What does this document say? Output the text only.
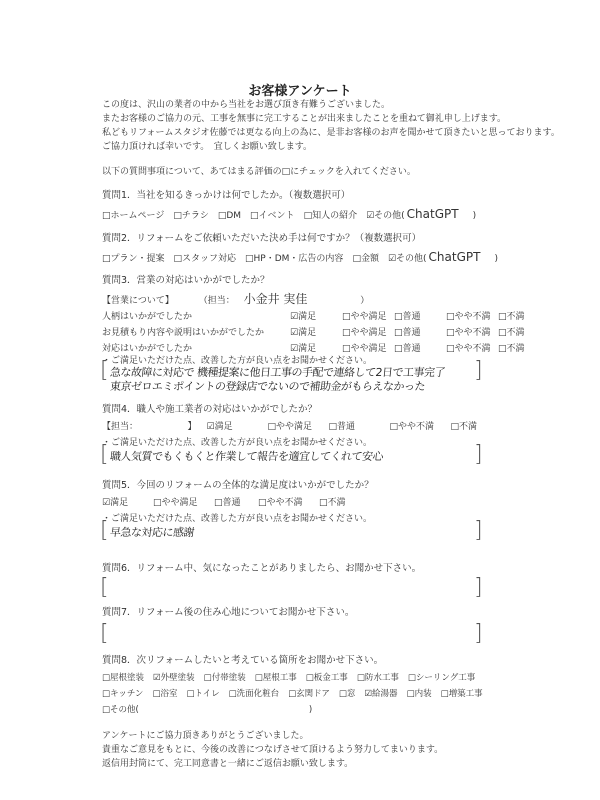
お客様アンケート
この度は、沢山の業者の中から当社をお選び頂き有難うございました。
またお客様のご協力の元、工事を無事に完工することが出来ましたことを重ねて御礼申し上げます。
私どもリフォームスタジオ佐藤では更なる向上の為に、是非お客様のお声を聞かせて頂きたいと思っております。
ご協力頂ければ幸いです。　宜しくお願い致します。
以下の質問事項について、あてはまる評価の□にチェックを入れてください。
質問1．当社を知るきっかけは何でしたか。（複数選択可）
□ホームページ □チラシ □DM □イベント □知人の紹介 ☑その他( ChatGPT )
質問2．リフォームをご依頼いただいた決め手は何ですか？（複数選択可）
□プラン・提案 □スタッフ対応 □HP・DM・広告の内容 □金額 ☑その他( ChatGPT )
質問3．営業の対応はいかがでしたか？
【営業について】	（担当： 小金井 実佳	）
人柄はいかがでしたか	☑満足	□やや満足 □普通	□やや不満 □不満
お見積もり内容や説明はいかがでしたか	☑満足	□やや満足 □普通	□やや不満 □不満
対応はいかがでしたか	☑満足	□やや満足 □普通	□やや不満 □不満
・ご満足いただけた点、改善した方が良い点をお聞かせください。
[	]
急な故障に対応で 機種提案に他日工事の手配で連絡して2日で工事完了
東京ゼロエミポイントの登録店でないので補助金がもらえなかった
質問4．職人や施工業者の対応はいかがでしたか？
【担当：　　　　　　】 ☑満足	□やや満足 □普通	□やや不満 □不満
・ご満足いただけた点、改善した方が良い点をお聞かせください。
[	]
職人気質でもくもくと作業して報告を適宜してくれて安心
質問5．今回のリフォームの全体的な満足度はいかがでしたか？
☑満足	□やや満足 □普通 □やや不満 □不満
・ご満足いただけた点、改善した方が良い点をお聞かせください。
[	]
早急な対応に感謝
質問6．リフォーム中、気になったことがありましたら、お聞かせ下さい。
[	]
質問7．リフォーム後の住み心地についてお聞かせ下さい。
[	]
質問8．次リフォームしたいと考えている箇所をお聞かせ下さい。
□屋根塗装 ☑外壁塗装 □付帯塗装 □屋根工事 □板金工事 □防水工事 □シーリング工事
□キッチン □浴室 □トイレ □洗面化粧台 □玄関ドア □窓 ☑給湯器 □内装 □増築工事
□その他(	)
アンケートにご協力頂きありがとうございました。
貴重なご意見をもとに、今後の改善につなげさせて頂けるよう努力してまいります。
返信用封筒にて、完工同意書と一緒にご返信お願い致します。
